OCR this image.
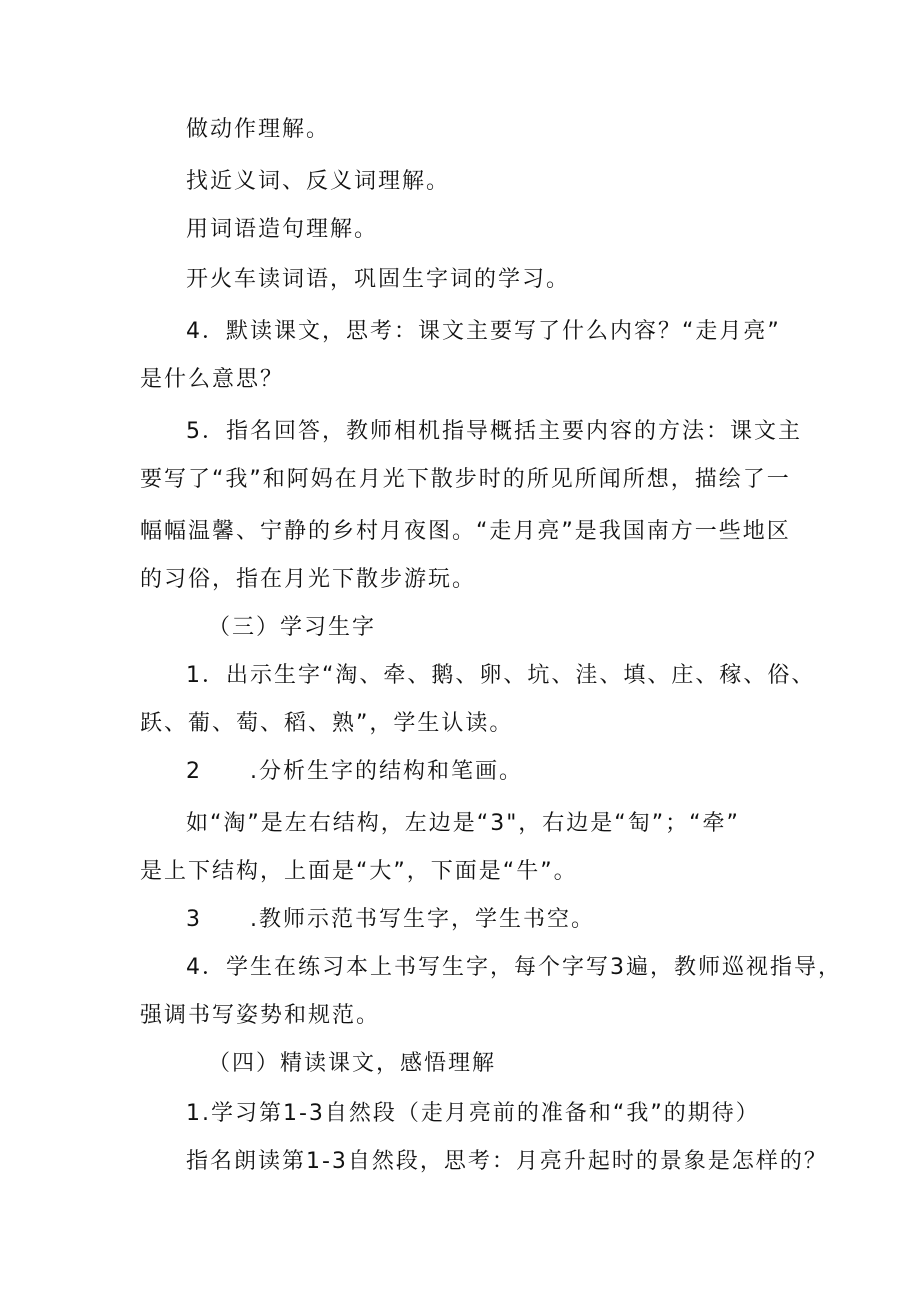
做动作理解。

找近义词、反义词理解。

用词语造句理解。

开火车读词语，巩固生字词的学习。

4．默读课文，思考：课文主要写了什么内容？“走月亮”

是什么意思？

5．指名回答，教师相机指导概括主要内容的方法：课文主

要写了“我”和阿妈在月光下散步时的所见所闻所想，描绘了一

幅幅温馨、宁静的乡村月夜图。“走月亮”是我国南方一些地区

的习俗，指在月光下散步游玩。

（三）学习生字

1．出示生字“淘、牵、鹅、卵、坑、洼、填、庄、稼、俗、

跃、葡、萄、稻、熟”，学生认读。

2　　.分析生字的结构和笔画。

如“淘”是左右结构，左边是“3"，右边是“匋”；“牵”

是上下结构，上面是“大”，下面是“牛”。

3　　.教师示范书写生字，学生书空。

4．学生在练习本上书写生字，每个字写3遍，教师巡视指导，

强调书写姿势和规范。

（四）精读课文，感悟理解

1.学习第1-3自然段（走月亮前的准备和“我”的期待）

指名朗读第1-3自然段，思考：月亮升起时的景象是怎样的？
